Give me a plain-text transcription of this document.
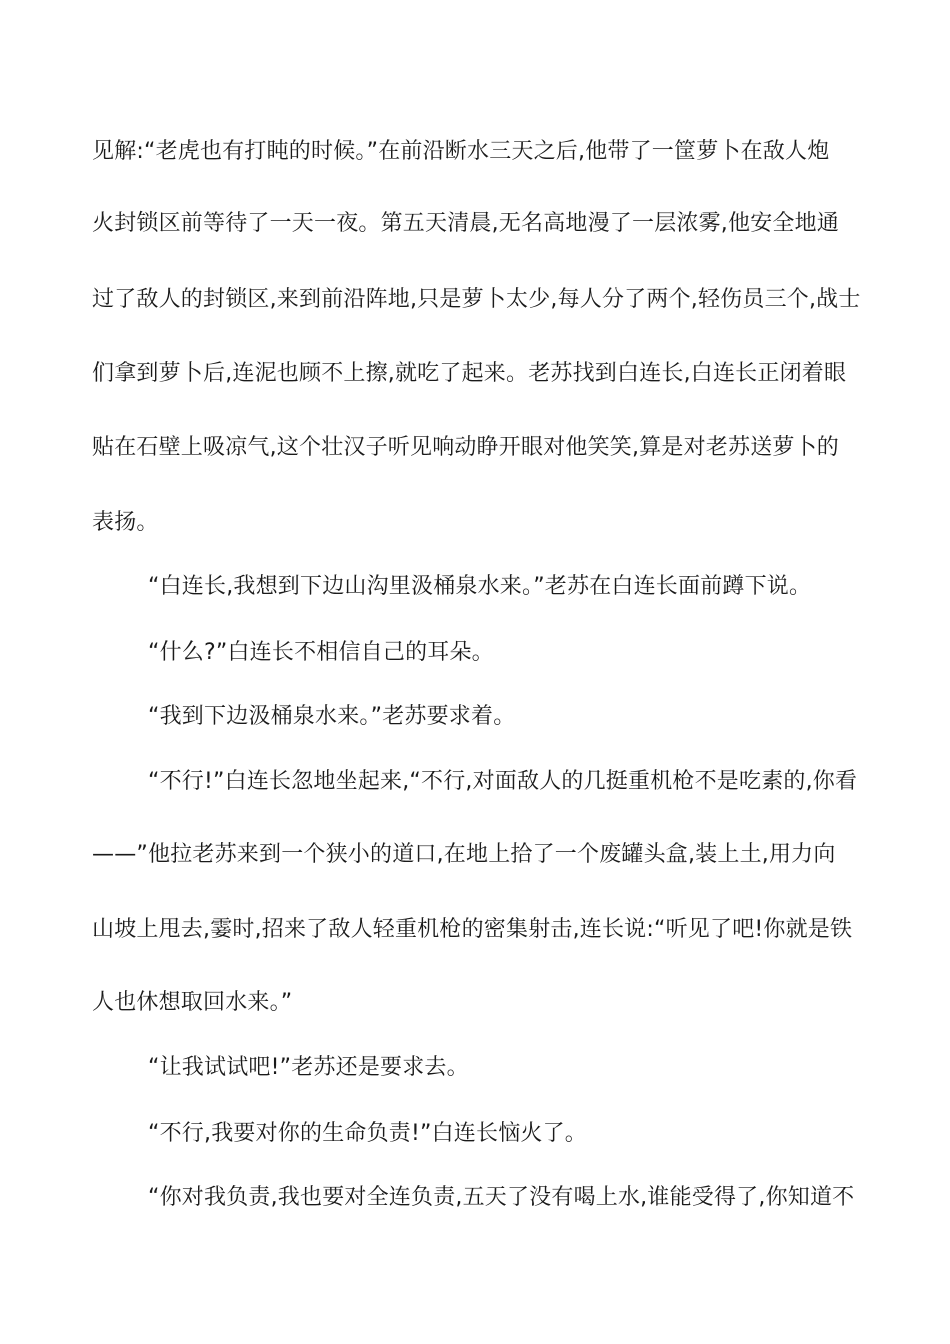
见解:“老虎也有打盹的时候。”在前沿断水三天之后,他带了一筐萝卜在敌人炮
火封锁区前等待了一天一夜。第五天清晨,无名高地漫了一层浓雾,他安全地通
过了敌人的封锁区,来到前沿阵地,只是萝卜太少,每人分了两个,轻伤员三个,战士
们拿到萝卜后,连泥也顾不上擦,就吃了起来。老苏找到白连长,白连长正闭着眼
贴在石壁上吸凉气,这个壮汉子听见响动睁开眼对他笑笑,算是对老苏送萝卜的
表扬。
“白连长,我想到下边山沟里汲桶泉水来。”老苏在白连长面前蹲下说。
“什么?”白连长不相信自己的耳朵。
“我到下边汲桶泉水来。”老苏要求着。
“不行!”白连长忽地坐起来,“不行,对面敌人的几挺重机枪不是吃素的,你看
——”他拉老苏来到一个狭小的道口,在地上拾了一个废罐头盒,装上土,用力向
山坡上甩去,霎时,招来了敌人轻重机枪的密集射击,连长说:“听见了吧!你就是铁
人也休想取回水来。”
“让我试试吧!”老苏还是要求去。
“不行,我要对你的生命负责!”白连长恼火了。
“你对我负责,我也要对全连负责,五天了没有喝上水,谁能受得了,你知道不
